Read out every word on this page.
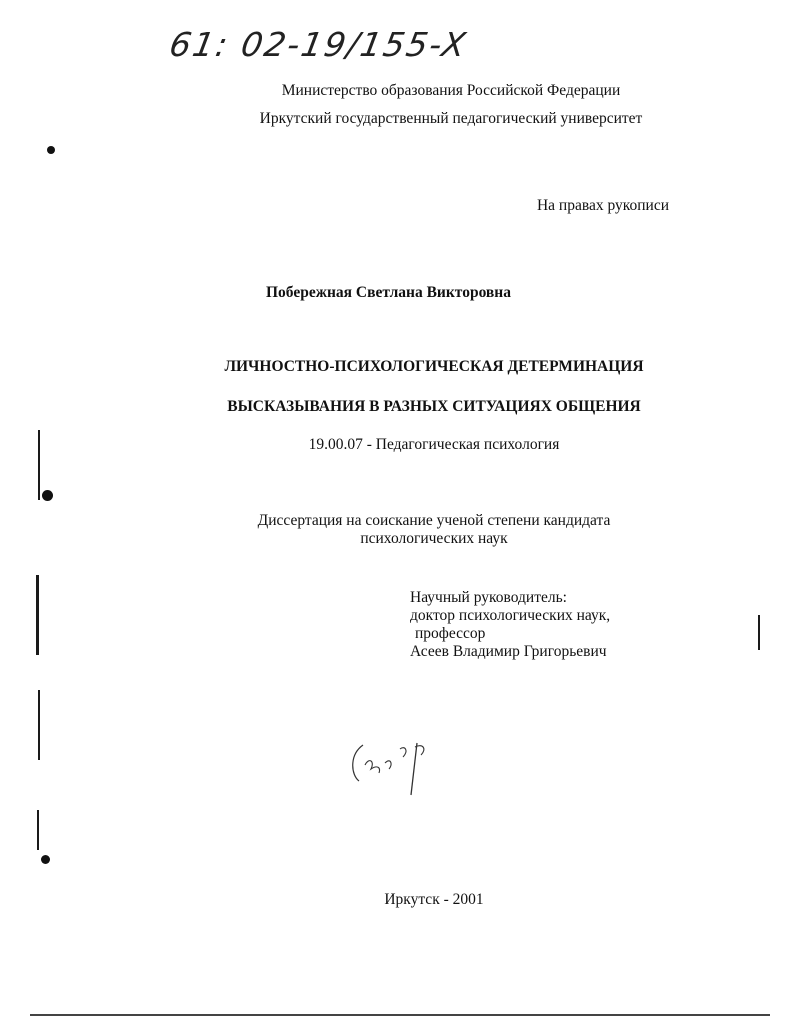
61: 02-19/155-X
Министерство образования Российской Федерации
Иркутский государственный педагогический университет
На правах рукописи
Побережная Светлана Викторовна
ЛИЧНОСТНО-ПСИХОЛОГИЧЕСКАЯ ДЕТЕРМИНАЦИЯ
ВЫСКАЗЫВАНИЯ В РАЗНЫХ СИТУАЦИЯХ ОБЩЕНИЯ
19.00.07 - Педагогическая психология
Диссертация на соискание ученой степени кандидата
психологических наук
Научный руководитель:
доктор психологических наук,
профессор
Асеев Владимир Григорьевич
Иркутск - 2001
